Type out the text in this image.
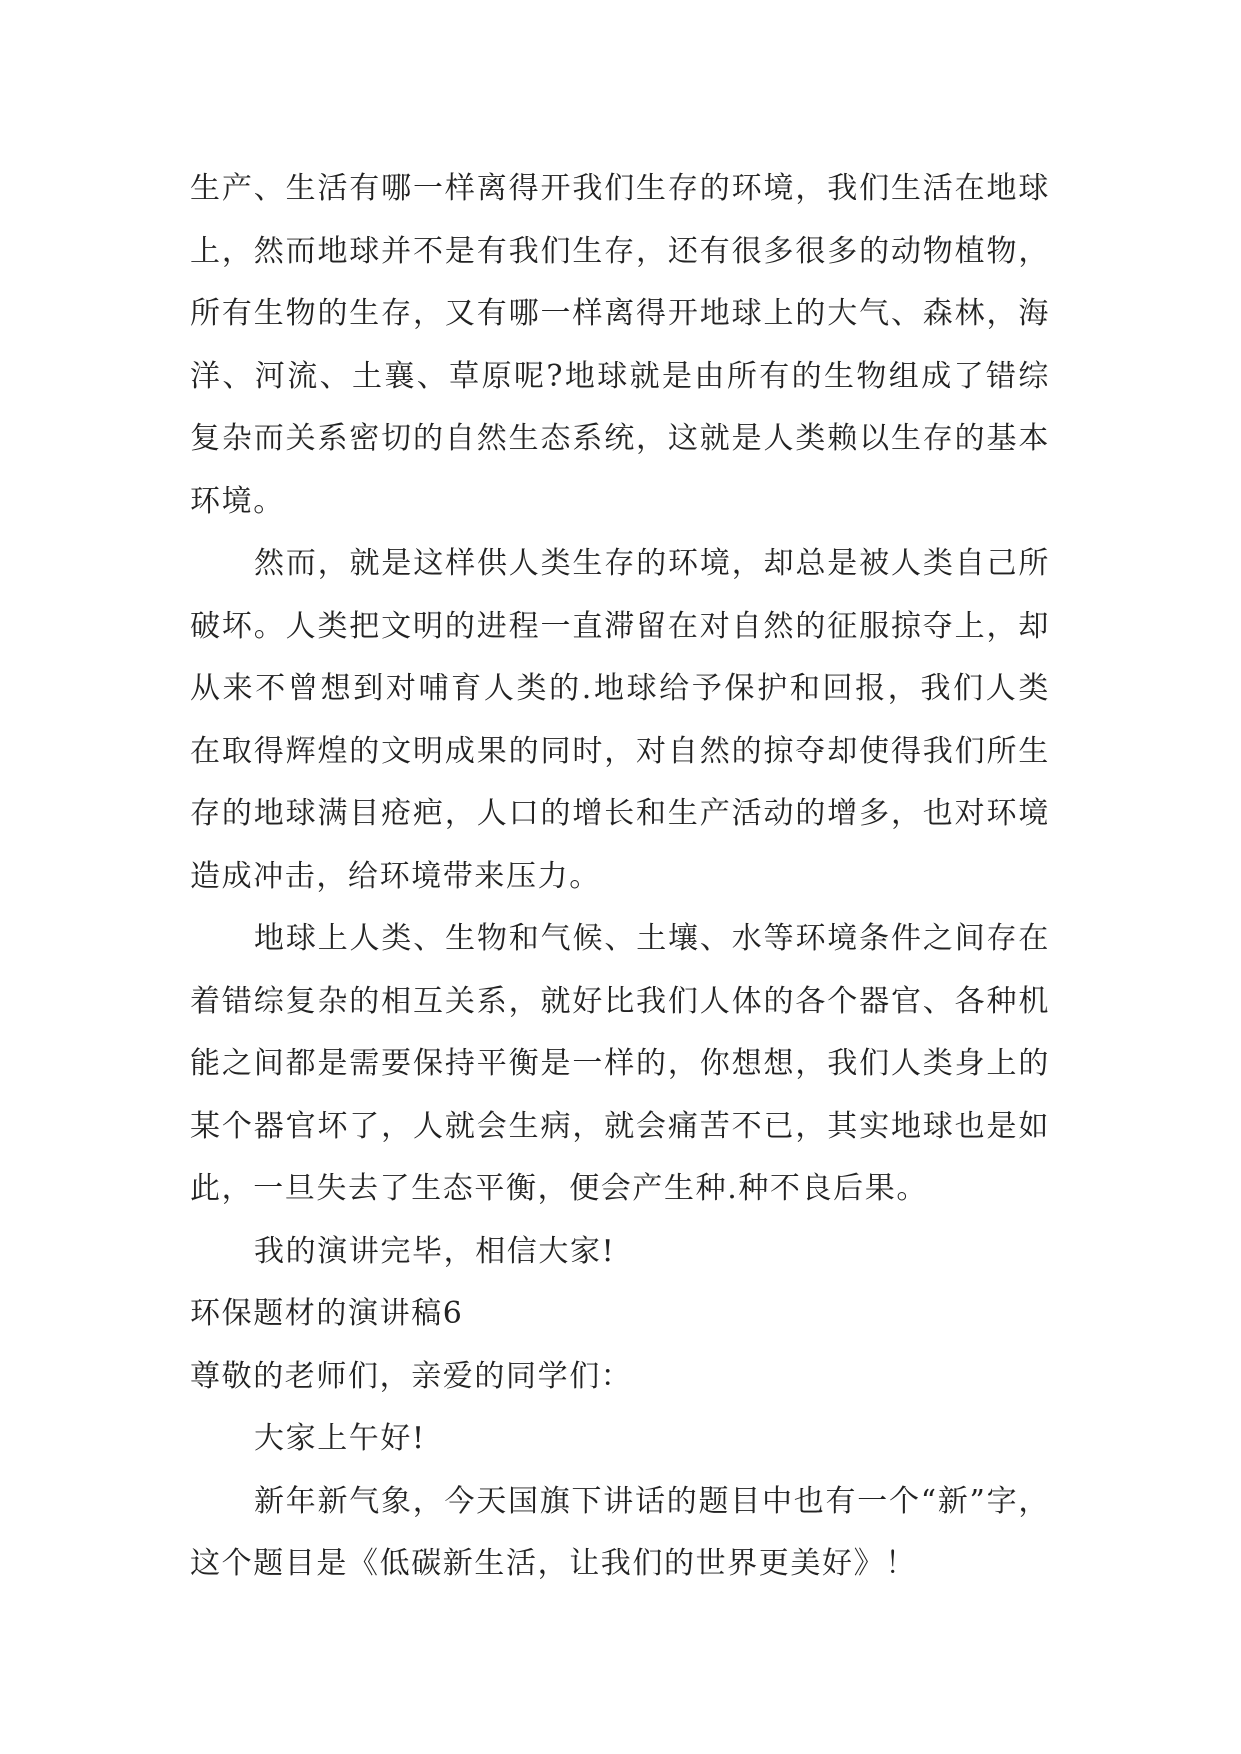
生产、生活有哪一样离得开我们生存的环境，我们生活在地球上，然而地球并不是有我们生存，还有很多很多的动物植物，所有生物的生存，又有哪一样离得开地球上的大气、森林，海洋、河流、土襄、草原呢?地球就是由所有的生物组成了错综复杂而关系密切的自然生态系统，这就是人类赖以生存的基本环境。

然而，就是这样供人类生存的环境，却总是被人类自己所破坏。人类把文明的进程一直滞留在对自然的征服掠夺上，却从来不曾想到对哺育人类的.地球给予保护和回报，我们人类在取得辉煌的文明成果的同时，对自然的掠夺却使得我们所生存的地球满目疮疤，人口的增长和生产活动的增多，也对环境造成冲击，给环境带来压力。

地球上人类、生物和气候、土壤、水等环境条件之间存在着错综复杂的相互关系，就好比我们人体的各个器官、各种机能之间都是需要保持平衡是一样的，你想想，我们人类身上的某个器官坏了，人就会生病，就会痛苦不已，其实地球也是如此，一旦失去了生态平衡，便会产生种.种不良后果。

我的演讲完毕，相信大家!

环保题材的演讲稿6

尊敬的老师们，亲爱的同学们：

大家上午好!

新年新气象，今天国旗下讲话的题目中也有一个“新”字，这个题目是《低碳新生活，让我们的世界更美好》！
